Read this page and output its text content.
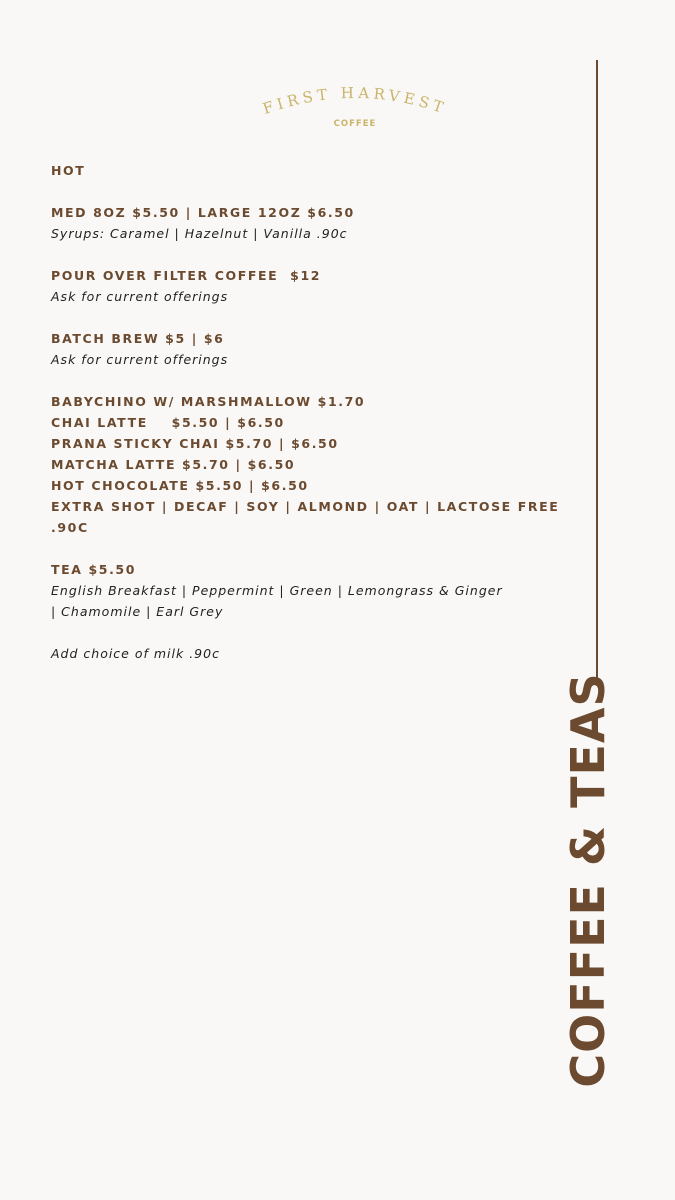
FIRST HARVEST
COFFEE
HOT
MED 8OZ $5.50 | LARGE 12OZ $6.50
Syrups: Caramel | Hazelnut | Vanilla .90c
POUR OVER FILTER COFFEE  $12
Ask for current offerings
BATCH BREW $5 | $6
Ask for current offerings
BABYCHINO W/ MARSHMALLOW $1.70
CHAI LATTE    $5.50 | $6.50
PRANA STICKY CHAI $5.70 | $6.50
MATCHA LATTE $5.70 | $6.50
HOT CHOCOLATE $5.50 | $6.50
EXTRA SHOT | DECAF | SOY | ALMOND | OAT | LACTOSE FREE
.90C
TEA $5.50
English Breakfast | Peppermint | Green | Lemongrass & Ginger
| Chamomile | Earl Grey
Add choice of milk .90c
COFFEE & TEAS
